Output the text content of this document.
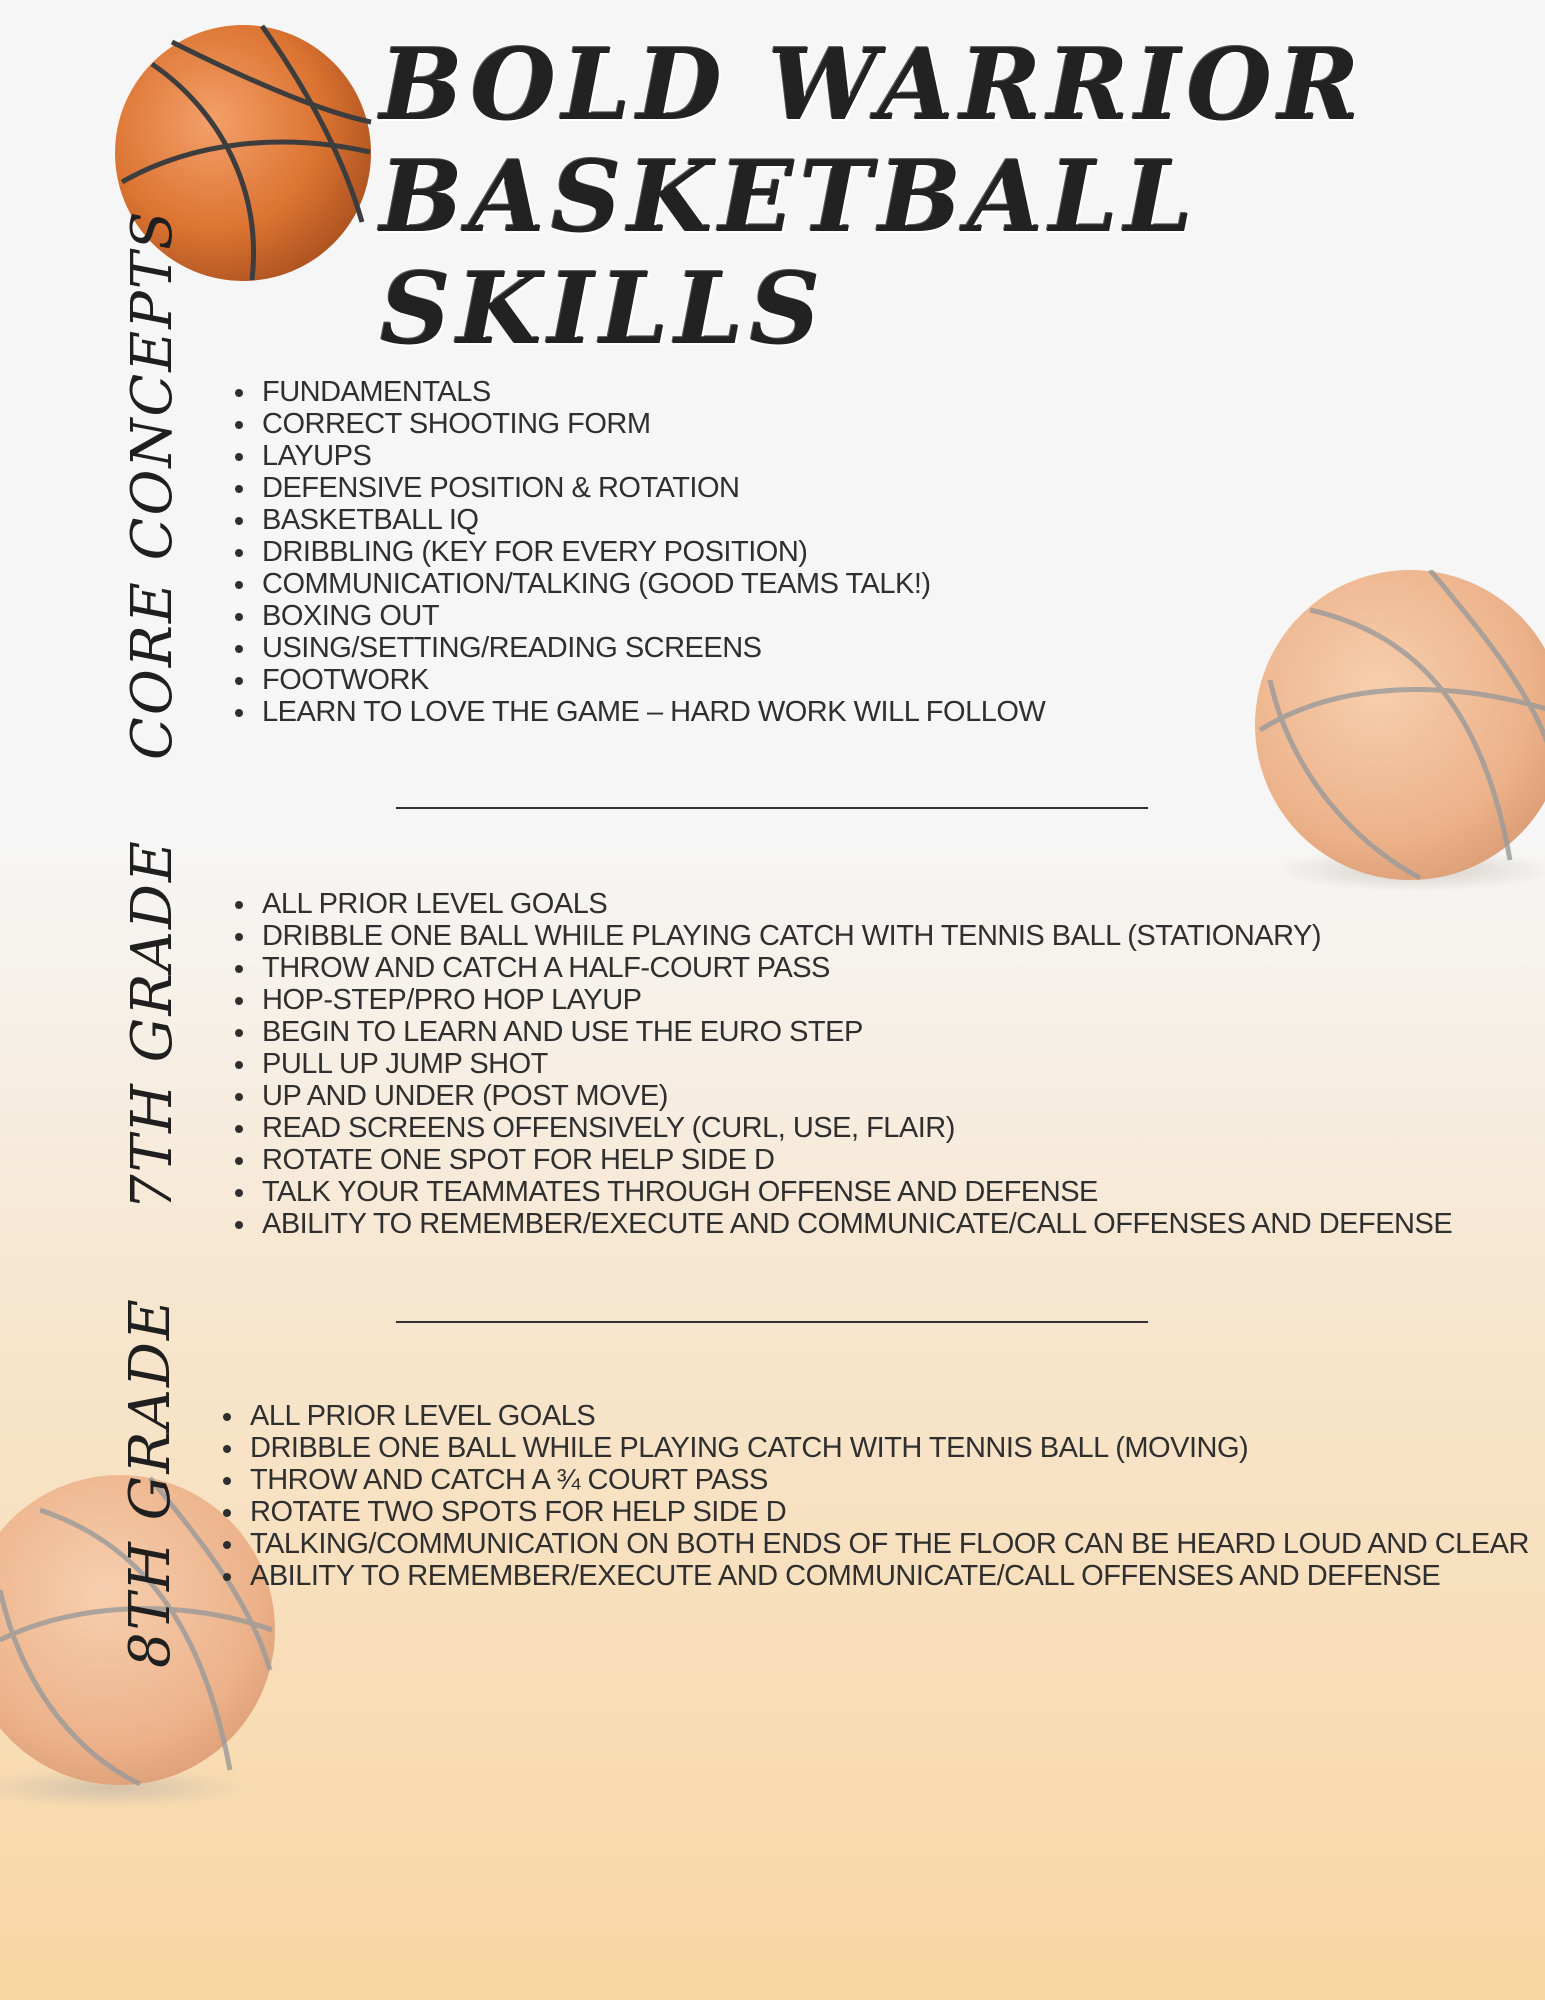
BOLD WARRIOR
BASKETBALL SKILLS
CORE CONCEPTS	• FUNDAMENTALS
• CORRECT SHOOTING FORM
• LAYUPS
• DEFENSIVE POSITION & ROTATION
• BASKETBALL IQ
• DRIBBLING (KEY FOR EVERY POSITION)
• COMMUNICATION/TALKING (GOOD TEAMS TALK!)
• BOXING OUT
• USING/SETTING/READING SCREENS
• FOOTWORK
• LEARN TO LOVE THE GAME – HARD WORK WILL FOLLOW
7TH GRADE	• ALL PRIOR LEVEL GOALS
• DRIBBLE ONE BALL WHILE PLAYING CATCH WITH TENNIS BALL (STATIONARY)
• THROW AND CATCH A HALF-COURT PASS
• HOP-STEP/PRO HOP LAYUP
• BEGIN TO LEARN AND USE THE EURO STEP
• PULL UP JUMP SHOT
• UP AND UNDER (POST MOVE)
• READ SCREENS OFFENSIVELY (CURL, USE, FLAIR)
• ROTATE ONE SPOT FOR HELP SIDE D
• TALK YOUR TEAMMATES THROUGH OFFENSE AND DEFENSE
• ABILITY TO REMEMBER/EXECUTE AND COMMUNICATE/CALL OFFENSES AND DEFENSE
8TH GRADE • ALL PRIOR LEVEL GOALS
• DRIBBLE ONE BALL WHILE PLAYING CATCH WITH TENNIS BALL (MOVING)
• THROW AND CATCH A ¾ COURT PASS
• ROTATE TWO SPOTS FOR HELP SIDE D
• TALKING/COMMUNICATION ON BOTH ENDS OF THE FLOOR CAN BE HEARD LOUD AND CLEAR
• ABILITY TO REMEMBER/EXECUTE AND COMMUNICATE/CALL OFFENSES AND DEFENSE
